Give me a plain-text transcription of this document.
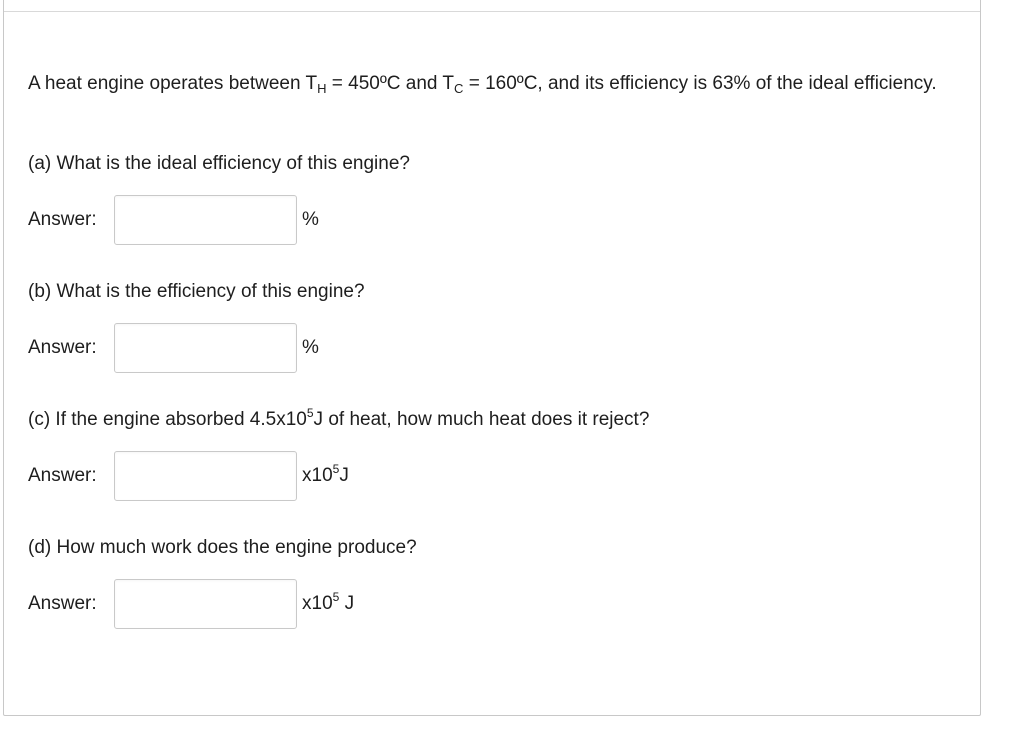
A heat engine operates between $T_H$ = 450ºC and $T_C$ = 160ºC, and its efficiency is 63% of the ideal efficiency.

(a) What is the ideal efficiency of this engine?

Answer:	%

(b) What is the efficiency of this engine?

Answer:	%

(c) If the engine absorbed $4.5x10^5J$ of heat, how much heat does it reject?

Answer:	$x10^5J$

(d) How much work does the engine produce?

Answer:	$x10^5$ J
